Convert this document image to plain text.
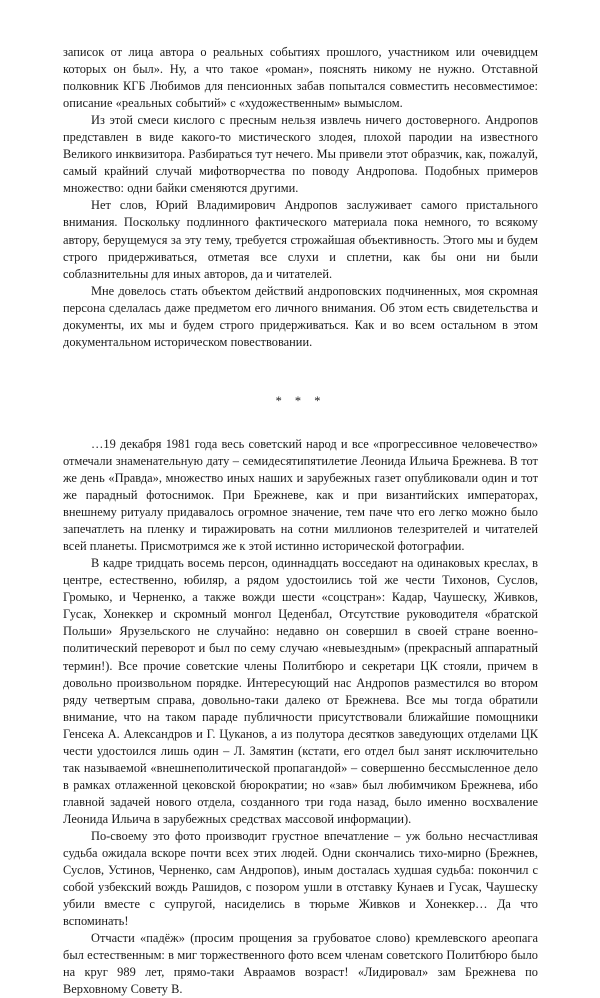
записок от лица автора о реальных событиях прошлого, участником или очевидцем которых он был». Ну, а что такое «роман», пояснять никому не нужно. Отставной полковник КГБ Любимов для пенсионных забав попытался совместить несовместимое: описание «реальных событий» с «художественным» вымыслом.

Из этой смеси кислого с пресным нельзя извлечь ничего достоверного. Андропов представлен в виде какого-то мистического злодея, плохой пародии на известного Великого инквизитора. Разбираться тут нечего. Мы привели этот образчик, как, пожалуй, самый крайний случай мифотворчества по поводу Андропова. Подобных примеров множество: одни байки сменяются другими.

Нет слов, Юрий Владимирович Андропов заслуживает самого пристального внимания. Поскольку подлинного фактического материала пока немного, то всякому автору, берущемуся за эту тему, требуется строжайшая объективность. Этого мы и будем строго придерживаться, отметая все слухи и сплетни, как бы они ни были соблазнительны для иных авторов, да и читателей.

Мне довелось стать объектом действий андроповских подчиненных, моя скромная персона сделалась даже предметом его личного внимания. Об этом есть свидетельства и документы, их мы и будем строго придерживаться. Как и во всем остальном в этом документальном историческом повествовании.

* * *

…19 декабря 1981 года весь советский народ и все «прогрессивное человечество» отмечали знаменательную дату – семидесятипятилетие Леонида Ильича Брежнева. В тот же день «Правда», множество иных наших и зарубежных газет опубликовали один и тот же парадный фотоснимок. При Брежневе, как и при византийских императорах, внешнему ритуалу придавалось огромное значение, тем паче что его легко можно было запечатлеть на пленку и тиражировать на сотни миллионов телезрителей и читателей всей планеты. Присмотримся же к этой истинно исторической фотографии.

В кадре тридцать восемь персон, одиннадцать восседают на одинаковых креслах, в центре, естественно, юбиляр, а рядом удостоились той же чести Тихонов, Суслов, Громыко, и Черненко, а также вожди шести «соцстран»: Кадар, Чаушеску, Живков, Гусак, Хонеккер и скромный монгол Цеденбал, Отсутствие руководителя «братской Польши» Ярузельского не случайно: недавно он совершил в своей стране военно-политический переворот и был по сему случаю «невыездным» (прекрасный аппаратный термин!). Все прочие советские члены Политбюро и секретари ЦК стояли, причем в довольно произвольном порядке. Интересующий нас Андропов разместился во втором ряду четвертым справа, довольно-таки далеко от Брежнева. Все мы тогда обратили внимание, что на таком параде публичности присутствовали ближайшие помощники Генсека А. Александров и Г. Цуканов, а из полутора десятков заведующих отделами ЦК чести удостоился лишь один – Л. Замятин (кстати, его отдел был занят исключительно так называемой «внешнеполитической пропагандой» – совершенно бессмысленное дело в рамках отлаженной цековской бюрократии; но «зав» был любимчиком Брежнева, ибо главной задачей нового отдела, созданного три года назад, было именно восхваление Леонида Ильича в зарубежных средствах массовой информации).

По-своему это фото производит грустное впечатление – уж больно несчастливая судьба ожидала вскоре почти всех этих людей. Одни скончались тихо-мирно (Брежнев, Суслов, Устинов, Черненко, сам Андропов), иным досталась худшая судьба: покончил с собой узбекский вождь Рашидов, с позором ушли в отставку Кунаев и Гусак, Чаушеску убили вместе с супругой, насиделись в тюрьме Живков и Хонеккер… Да что вспоминать!

Отчасти «падёж» (просим прощения за грубоватое слово) кремлевского ареопага был естественным: в миг торжественного фото всем членам советского Политбюро было на круг 989 лет, прямо-таки Авраамов возраст! «Лидировал» зам Брежнева по Верховному Совету В.
